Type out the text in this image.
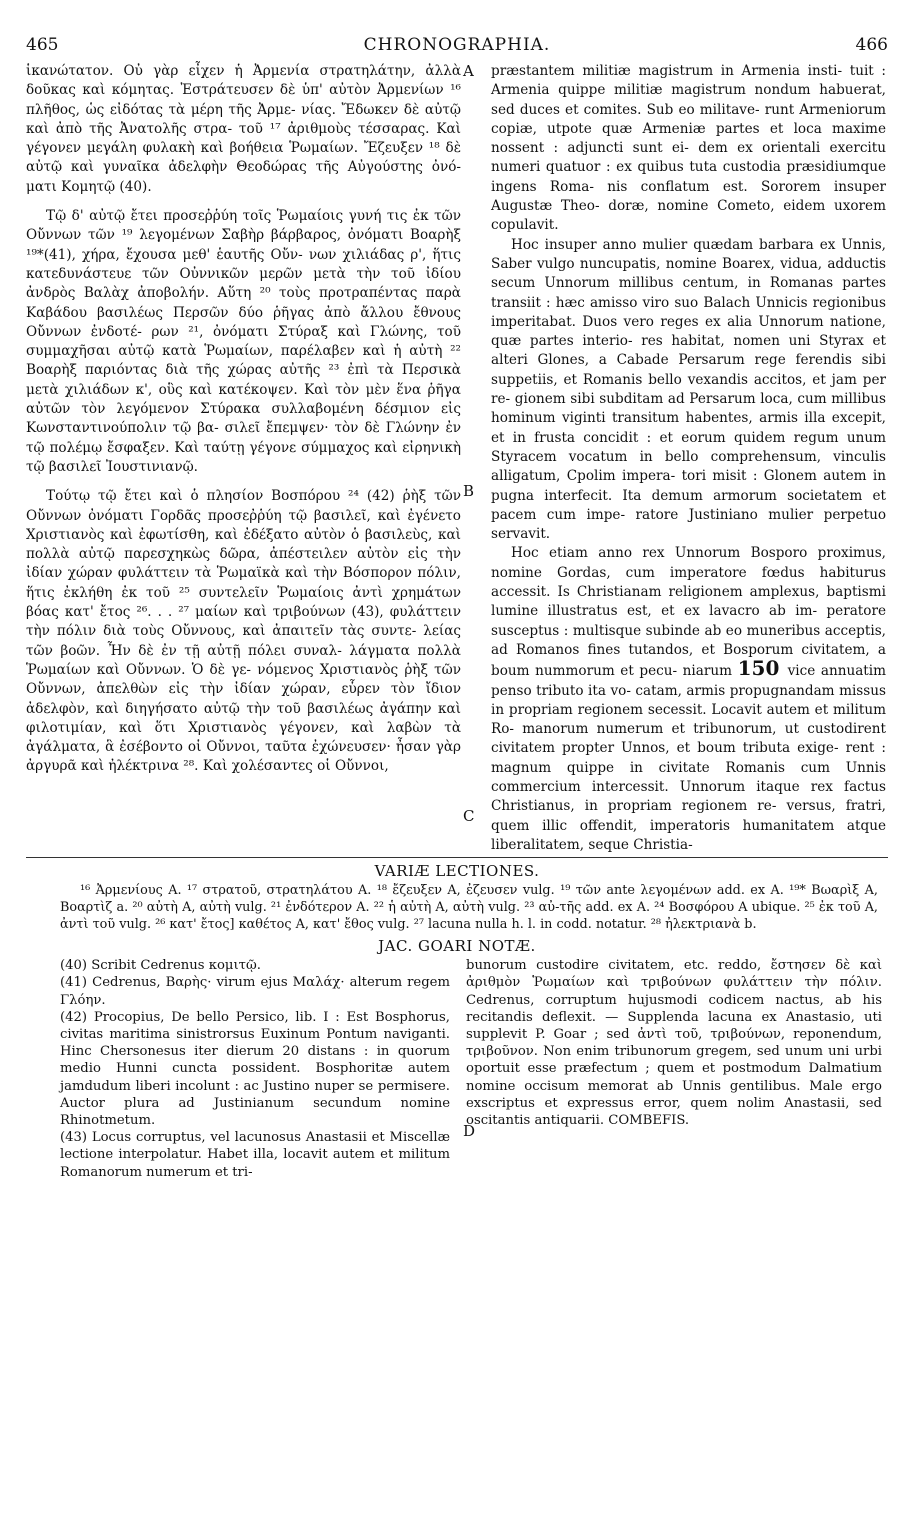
465	CHRONOGRAPHIA.	466

ἱκανώτατον. Οὐ γὰρ εἶχεν ἡ Ἀρμενία στρατηλάτην, ἀλλὰ δοῦκας καὶ κόμητας. Ἐστράτευσεν δὲ ὑπ' αὐτὸν Ἀρμενίων ¹⁶ πλῆθος, ὡς εἰδότας τὰ μέρη τῆς Ἀρμε- νίας. Ἔδωκεν δὲ αὐτῷ καὶ ἀπὸ τῆς Ἀνατολῆς στρα- τοῦ ¹⁷ ἀριθμοὺς τέσσαρας. Καὶ γέγονεν μεγάλη φυλακὴ καὶ βοήθεια Ῥωμαίων. Ἔζευξεν ¹⁸ δὲ αὐτῷ καὶ γυναῖκα ἀδελφὴν Θεοδώρας τῆς Αὐγούστης ὀνό- ματι Κομητῷ (40).

Τῷ δ' αὐτῷ ἔτει προσεῤῥύη τοῖς Ῥωμαίοις γυνή τις ἐκ τῶν Οὔννων τῶν ¹⁹ λεγομένων Σαβὴρ βάρβαρος, ὀνόματι Βοαρὴξ ¹⁹*(41), χήρα, ἔχουσα μεθ' ἑαυτῆς Οὔν- νων χιλιάδας ρ', ἥτις κατεδυνάστευε τῶν Οὐννικῶν μερῶν μετὰ τὴν τοῦ ἰδίου ἀνδρὸς Βαλὰχ ἀποβολήν. Αὕτη ²⁰ τοὺς προτραπέντας παρὰ Καβάδου βασιλέως Περσῶν δύο ῥῆγας ἀπὸ ἄλλου ἔθνους Οὔννων ἐνδοτέ- ρων ²¹, ὀνόματι Στύραξ καὶ Γλώνης, τοῦ συμμαχῆσαι αὐτῷ κατὰ Ῥωμαίων, παρέλαβεν καὶ ἡ αὐτὴ ²² Βοαρὴξ παριόντας διὰ τῆς χώρας αὐτῆς ²³ ἐπὶ τὰ Περσικὰ μετὰ χιλιάδων κ', οὓς καὶ κατέκοψεν. Καὶ τὸν μὲν ἕνα ῥῆγα αὐτῶν τὸν λεγόμενον Στύρακα συλλαβομένη δέσμιον εἰς Κωνσταντινούπολιν τῷ βα- σιλεῖ ἔπεμψεν· τὸν δὲ Γλώνην ἐν τῷ πολέμῳ ἔσφαξεν. Καὶ ταύτῃ γέγονε σύμμαχος καὶ εἰρηνικὴ τῷ βασιλεῖ Ἰουστινιανῷ.

Τούτῳ τῷ ἔτει καὶ ὁ πλησίον Βοσπόρου ²⁴ (42) ῥὴξ τῶν Οὔννων ὀνόματι Γορδᾶς προσεῤῥύη τῷ βασιλεῖ, καὶ ἐγένετο Χριστιανὸς καὶ ἐφωτίσθη, καὶ ἐδέξατο αὐτὸν ὁ βασιλεὺς, καὶ πολλὰ αὐτῷ παρεσχηκὼς δῶρα, ἀπέστειλεν αὐτὸν εἰς τὴν ἰδίαν χώραν φυλάττειν τὰ Ῥωμαϊκὰ καὶ τὴν Βόσπορον πόλιν, ἥτις ἐκλήθη ἐκ τοῦ ²⁵ συντελεῖν Ῥωμαίοις ἀντὶ χρημάτων βόας κατ' ἔτος ²⁶. . . ²⁷ μαίων καὶ τριβούνων (43), φυλάττειν τὴν πόλιν διὰ τοὺς Οὔννους, καὶ ἀπαιτεῖν τὰς συντε- λείας τῶν βοῶν. Ἦν δὲ ἐν τῇ αὐτῇ πόλει συναλ- λάγματα πολλὰ Ῥωμαίων καὶ Οὔννων. Ὁ δὲ γε- νόμενος Χριστιανὸς ῥὴξ τῶν Οὔννων, ἀπελθὼν εἰς τὴν ἰδίαν χώραν, εὗρεν τὸν ἴδιον ἀδελφὸν, καὶ διηγήσατο αὐτῷ τὴν τοῦ βασιλέως ἀγάπην καὶ φιλοτιμίαν, καὶ ὅτι Χριστιανὸς γέγονεν, καὶ λαβὼν τὰ ἀγάλματα, ἃ ἐσέβοντο οἱ Οὔννοι, ταῦτα ἐχώνευσεν· ἦσαν γὰρ ἀργυρᾶ καὶ ἠλέκτρινα ²⁸. Καὶ χολέσαντες οἱ Οὔννοι,

A
B
C
D

præstantem militiæ magistrum in Armenia insti- tuit : Armenia quippe militiæ magistrum nondum habuerat, sed duces et comites. Sub eo militave- runt Armeniorum copiæ, utpote quæ Armeniæ partes et loca maxime nossent : adjuncti sunt ei- dem ex orientali exercitu numeri quatuor : ex quibus tuta custodia præsidiumque ingens Roma- nis conflatum est. Sororem insuper Augustæ Theo- doræ, nomine Cometo, eidem uxorem copulavit.

Hoc insuper anno mulier quædam barbara ex Unnis, Saber vulgo nuncupatis, nomine Boarex, vidua, adductis secum Unnorum millibus centum, in Romanas partes transiit : hæc amisso viro suo Balach Unnicis regionibus imperitabat. Duos vero reges ex alia Unnorum natione, quæ partes interio- res habitat, nomen uni Styrax et alteri Glones, a Cabade Persarum rege ferendis sibi suppetiis, et Romanis bello vexandis accitos, et jam per re- gionem sibi subditam ad Persarum loca, cum millibus hominum viginti transitum habentes, armis illa excepit, et in frusta concidit : et eorum quidem regum unum Styracem vocatum in bello comprehensum, vinculis alligatum, Cpolim impera- tori misit : Glonem autem in pugna interfecit. Ita demum armorum societatem et pacem cum impe- ratore Justiniano mulier perpetuo servavit.

Hoc etiam anno rex Unnorum Bosporo proximus, nomine Gordas, cum imperatore fœdus habiturus accessit. Is Christianam religionem amplexus, baptismi lumine illustratus est, et ex lavacro ab im- peratore susceptus : multisque subinde ab eo muneribus acceptis, ad Romanos fines tutandos, et Bosporum civitatem, a boum nummorum et pecu- niarum 150 vice annuatim penso tributo ita vo- catam, armis propugnandam missus in propriam regionem secessit. Locavit autem et militum Ro- manorum numerum et tribunorum, ut custodirent civitatem propter Unnos, et boum tributa exige- rent : magnum quippe in civitate Romanis cum Unnis commercium intercessit. Unnorum itaque rex factus Christianus, in propriam regionem re- versus, fratri, quem illic offendit, imperatoris humanitatem atque liberalitatem, seque Christia-

VARIÆ LECTIONES.
¹⁶ Ἀρμενίους A. ¹⁷ στρατοῦ, στρατηλάτου A. ¹⁸ ἔζευξεν A, ἐζευσεν vulg. ¹⁹ τῶν ante λεγομένων add. ex A. ¹⁹* Βωαρὶξ A, Βοαρτὶζ a. ²⁰ αὐτὴ A, αὐτὴ vulg. ²¹ ἐνδότερον A. ²² ἡ αὐτὴ A, αὐτὴ vulg. ²³ αὐ-τῆς add. ex A. ²⁴ Βοσφόρου A ubique. ²⁵ ἐκ τοῦ A, ἀντὶ τοῦ vulg. ²⁶ κατ' ἔτος] καθέτος A, κατ' ἔθος vulg. ²⁷ lacuna nulla h. l. in codd. notatur. ²⁸ ἠλεκτριανὰ b.
JAC. GOARI NOTÆ.

(40) Scribit Cedrenus κομιτῷ.

(41) Cedrenus, Βαρὴς· virum ejus Μαλάχ· alterum regem Γλόην.

(42) Procopius, De bello Persico, lib. I : Est Bosphorus, civitas maritima sinistrorsus Euxinum Pontum naviganti. Hinc Chersonesus iter dierum 20 distans : in quorum medio Hunni cuncta possident. Bosphoritæ autem jamdudum liberi incolunt : ac Justino nuper se permisere. Auctor plura ad Justinianum secundum nomine Rhinotmetum.

(43) Locus corruptus, vel lacunosus Anastasii et Miscellæ lectione interpolatur. Habet illa, locavit autem et militum Romanorum numerum et tri-

bunorum custodire civitatem, etc. reddo, ἔστησεν δὲ καὶ ἀριθμὸν Ῥωμαίων καὶ τριβούνων φυλάττειν τὴν πόλιν. Cedrenus, corruptum hujusmodi codicem nactus, ab his recitandis deflexit. — Supplenda lacuna ex Anastasio, uti supplevit P. Goar ; sed ἀντὶ τοῦ, τριβούνων, reponendum, τριβοῦνον. Non enim tribunorum gregem, sed unum uni urbi oportuit esse præfectum ; quem et postmodum Dalmatium nomine occisum memorat ab Unnis gentilibus. Male ergo exscriptus et expressus error, quem nolim Anastasii, sed oscitantis antiquarii. COMBEFIS.
